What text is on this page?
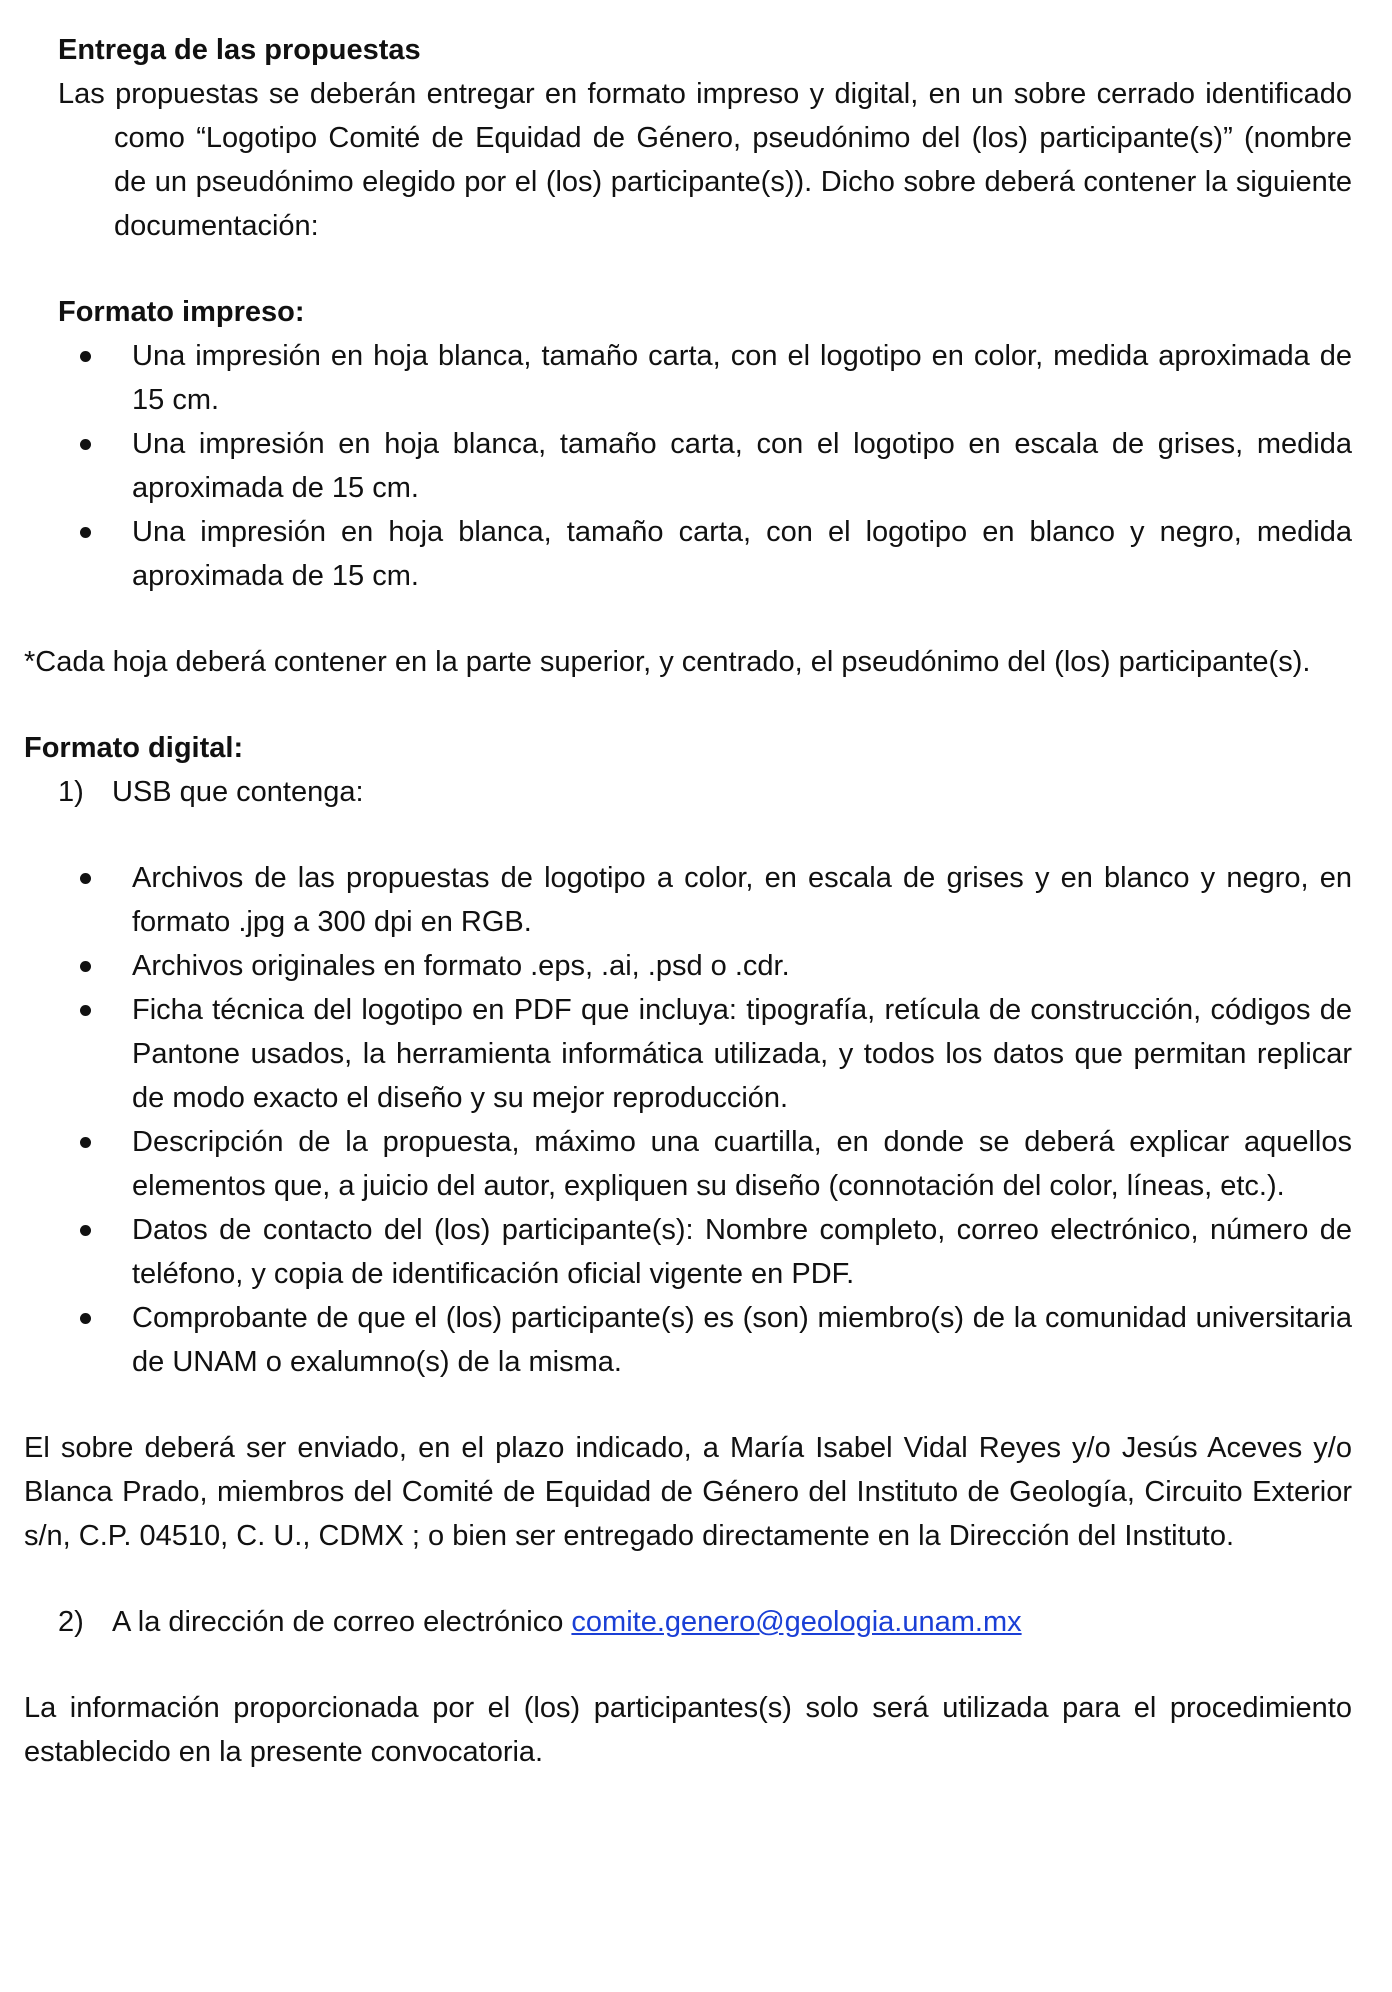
Entrega de las propuestas
Las propuestas se deberán entregar en formato impreso y digital, en un sobre cerrado identificado como “Logotipo Comité de Equidad de Género, pseudónimo del (los) participante(s)” (nombre de un pseudónimo elegido por el (los) participante(s)). Dicho sobre deberá contener la siguiente documentación:
Formato impreso:
Una impresión en hoja blanca, tamaño carta, con el logotipo en color, medida aproximada de 15 cm.
Una impresión en hoja blanca, tamaño carta, con el logotipo en escala de grises, medida aproximada de 15 cm.
Una impresión en hoja blanca, tamaño carta, con el logotipo en blanco y negro, medida aproximada de 15 cm.
*Cada hoja deberá contener en la parte superior, y centrado, el pseudónimo del (los) participante(s).
Formato digital:
1) USB que contenga:
Archivos de las propuestas de logotipo a color, en escala de grises y en blanco y negro, en formato .jpg a 300 dpi en RGB.
Archivos originales en formato .eps, .ai, .psd o .cdr.
Ficha técnica del logotipo en PDF que incluya: tipografía, retícula de construcción, códigos de Pantone usados, la herramienta informática utilizada, y todos los datos que permitan replicar de modo exacto el diseño y su mejor reproducción.
Descripción de la propuesta, máximo una cuartilla, en donde se deberá explicar aquellos elementos que, a juicio del autor, expliquen su diseño (connotación del color, líneas, etc.).
Datos de contacto del (los) participante(s): Nombre completo, correo electrónico, número de teléfono, y copia de identificación oficial vigente en PDF.
Comprobante de que el (los) participante(s) es (son) miembro(s) de la comunidad universitaria de UNAM o exalumno(s) de la misma.
El sobre deberá ser enviado, en el plazo indicado, a María Isabel Vidal Reyes y/o Jesús Aceves y/o Blanca Prado, miembros del Comité de Equidad de Género del Instituto de Geología, Circuito Exterior s/n, C.P. 04510, C. U., CDMX ; o bien ser entregado directamente en la Dirección del Instituto.
2) A la dirección de correo electrónico comite.genero@geologia.unam.mx
La información proporcionada por el (los) participantes(s) solo será utilizada para el procedimiento establecido en la presente convocatoria.
